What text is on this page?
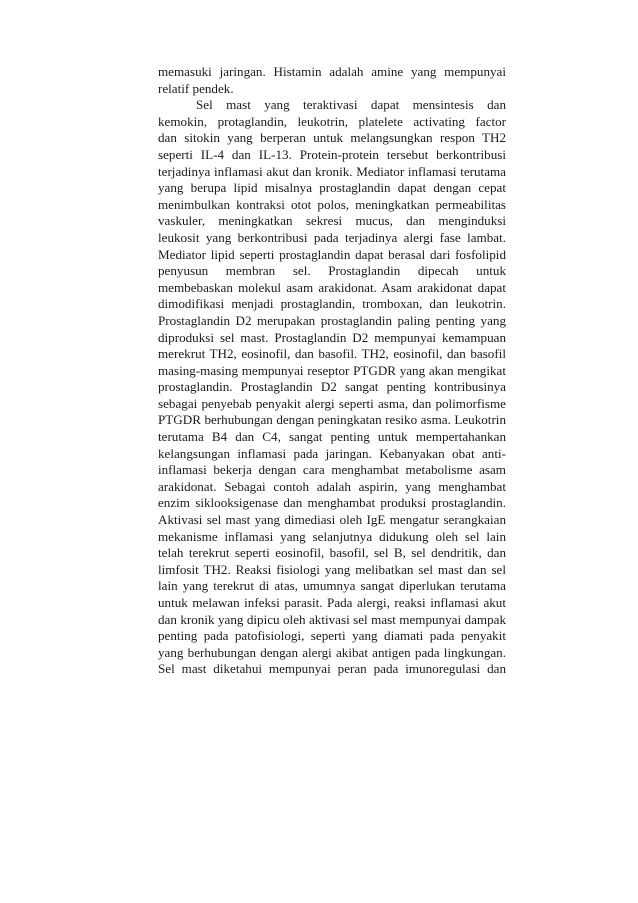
memasuki jaringan. Histamin adalah amine yang mempunyai
relatif pendek.
Sel mast yang teraktivasi dapat mensintesis dan
kemokin, protaglandin, leukotrin, platelete activating factor
dan sitokin yang berperan untuk melangsungkan respon TH2
seperti IL-4 dan IL-13. Protein-protein tersebut berkontribusi
terjadinya inflamasi akut dan kronik. Mediator inflamasi terutama
yang berupa lipid misalnya prostaglandin dapat dengan cepat
menimbulkan kontraksi otot polos, meningkatkan permeabilitas
vaskuler, meningkatkan sekresi mucus, dan menginduksi
leukosit yang berkontribusi pada terjadinya alergi fase lambat.
Mediator lipid seperti prostaglandin dapat berasal dari fosfolipid
penyusun membran sel. Prostaglandin dipecah untuk
membebaskan molekul asam arakidonat. Asam arakidonat dapat
dimodifikasi menjadi prostaglandin, tromboxan, dan leukotrin.
Prostaglandin D2 merupakan prostaglandin paling penting yang
diproduksi sel mast. Prostaglandin D2 mempunyai kemampuan
merekrut TH2, eosinofil, dan basofil. TH2, eosinofil, dan basofil
masing-masing mempunyai reseptor PTGDR yang akan mengikat
prostaglandin. Prostaglandin D2 sangat penting kontribusinya
sebagai penyebab penyakit alergi seperti asma, dan polimorfisme
PTGDR berhubungan dengan peningkatan resiko asma. Leukotrin
terutama B4 dan C4, sangat penting untuk mempertahankan
kelangsungan inflamasi pada jaringan. Kebanyakan obat anti-
inflamasi bekerja dengan cara menghambat metabolisme asam
arakidonat. Sebagai contoh adalah aspirin, yang menghambat
enzim siklooksigenase dan menghambat produksi prostaglandin.
Aktivasi sel mast yang dimediasi oleh IgE mengatur serangkaian
mekanisme inflamasi yang selanjutnya didukung oleh sel lain
telah terekrut seperti eosinofil, basofil, sel B, sel dendritik, dan
limfosit TH2. Reaksi fisiologi yang melibatkan sel mast dan sel
lain yang terekrut di atas, umumnya sangat diperlukan terutama
untuk melawan infeksi parasit. Pada alergi, reaksi inflamasi akut
dan kronik yang dipicu oleh aktivasi sel mast mempunyai dampak
penting pada patofisiologi, seperti yang diamati pada penyakit
yang berhubungan dengan alergi akibat antigen pada lingkungan.
Sel mast diketahui mempunyai peran pada imunoregulasi dan
